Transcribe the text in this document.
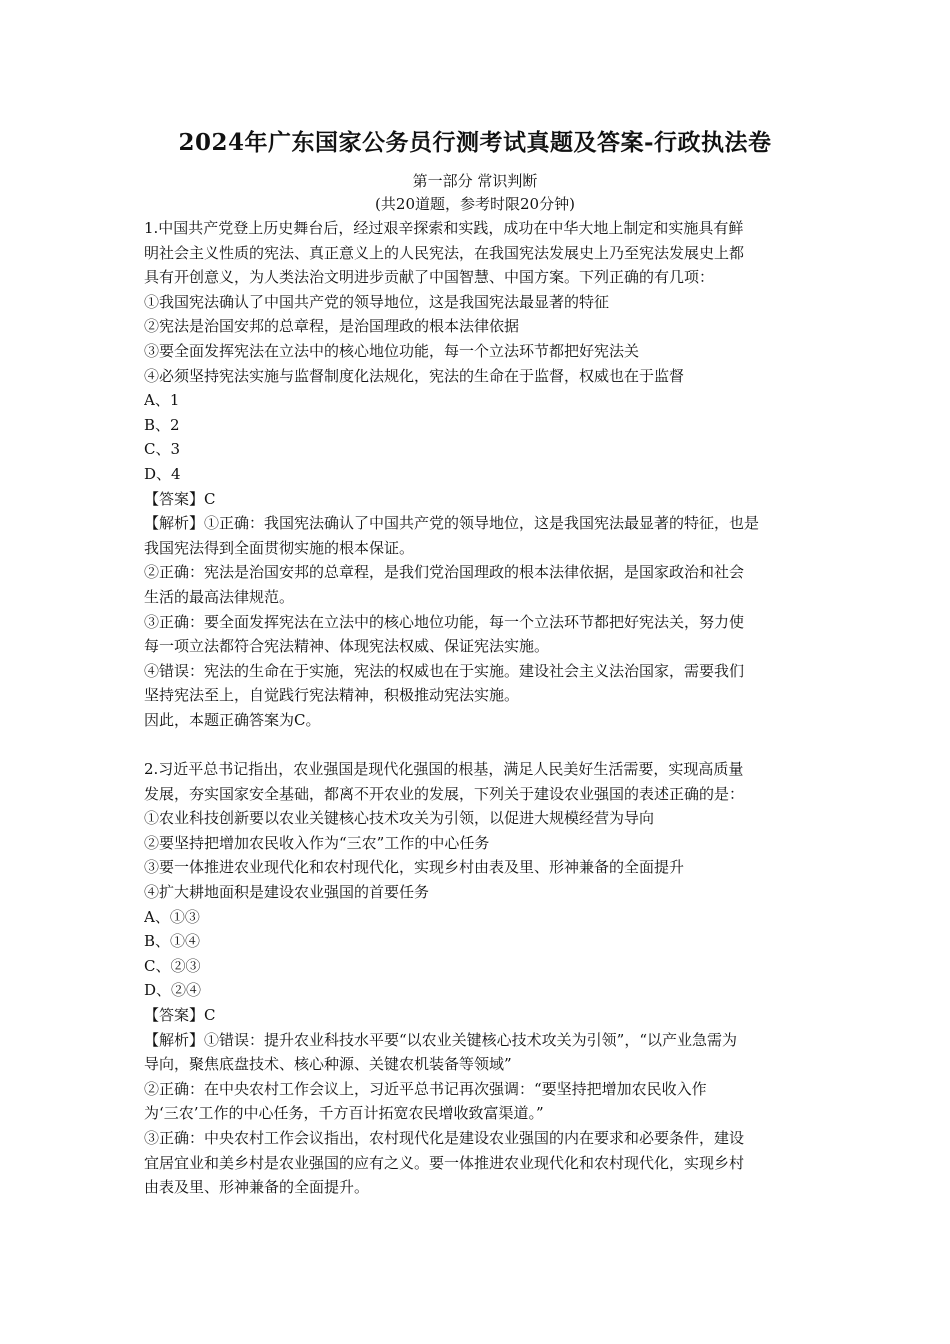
2024年广东国家公务员行测考试真题及答案-行政执法卷
第一部分 常识判断
(共20道题，参考时限20分钟)
1.中国共产党登上历史舞台后，经过艰辛探索和实践，成功在中华大地上制定和实施具有鲜
明社会主义性质的宪法、真正意义上的人民宪法，在我国宪法发展史上乃至宪法发展史上都
具有开创意义，为人类法治文明进步贡献了中国智慧、中国方案。下列正确的有几项：
①我国宪法确认了中国共产党的领导地位，这是我国宪法最显著的特征
②宪法是治国安邦的总章程，是治国理政的根本法律依据
③要全面发挥宪法在立法中的核心地位功能，每一个立法环节都把好宪法关
④必须坚持宪法实施与监督制度化法规化，宪法的生命在于监督，权威也在于监督
A、1
B、2
C、3
D、4
【答案】C
【解析】①正确：我国宪法确认了中国共产党的领导地位，这是我国宪法最显著的特征，也是
我国宪法得到全面贯彻实施的根本保证。
②正确：宪法是治国安邦的总章程，是我们党治国理政的根本法律依据，是国家政治和社会
生活的最高法律规范。
③正确：要全面发挥宪法在立法中的核心地位功能，每一个立法环节都把好宪法关，努力使
每一项立法都符合宪法精神、体现宪法权威、保证宪法实施。
④错误：宪法的生命在于实施，宪法的权威也在于实施。建设社会主义法治国家，需要我们
坚持宪法至上，自觉践行宪法精神，积极推动宪法实施。
因此，本题正确答案为C。
2.习近平总书记指出，农业强国是现代化强国的根基，满足人民美好生活需要，实现高质量
发展，夯实国家安全基础，都离不开农业的发展，下列关于建设农业强国的表述正确的是：
①农业科技创新要以农业关键核心技术攻关为引领，以促进大规模经营为导向
②要坚持把增加农民收入作为“三农”工作的中心任务
③要一体推进农业现代化和农村现代化，实现乡村由表及里、形神兼备的全面提升
④扩大耕地面积是建设农业强国的首要任务
A、①③
B、①④
C、②③
D、②④
【答案】C
【解析】①错误：提升农业科技水平要“以农业关键核心技术攻关为引领”，“以产业急需为
导向，聚焦底盘技术、核心种源、关键农机装备等领域”
②正确：在中央农村工作会议上，习近平总书记再次强调：“要坚持把增加农民收入作
为‘三农’工作的中心任务，千方百计拓宽农民增收致富渠道。”
③正确：中央农村工作会议指出，农村现代化是建设农业强国的内在要求和必要条件，建设
宜居宜业和美乡村是农业强国的应有之义。要一体推进农业现代化和农村现代化，实现乡村
由表及里、形神兼备的全面提升。
